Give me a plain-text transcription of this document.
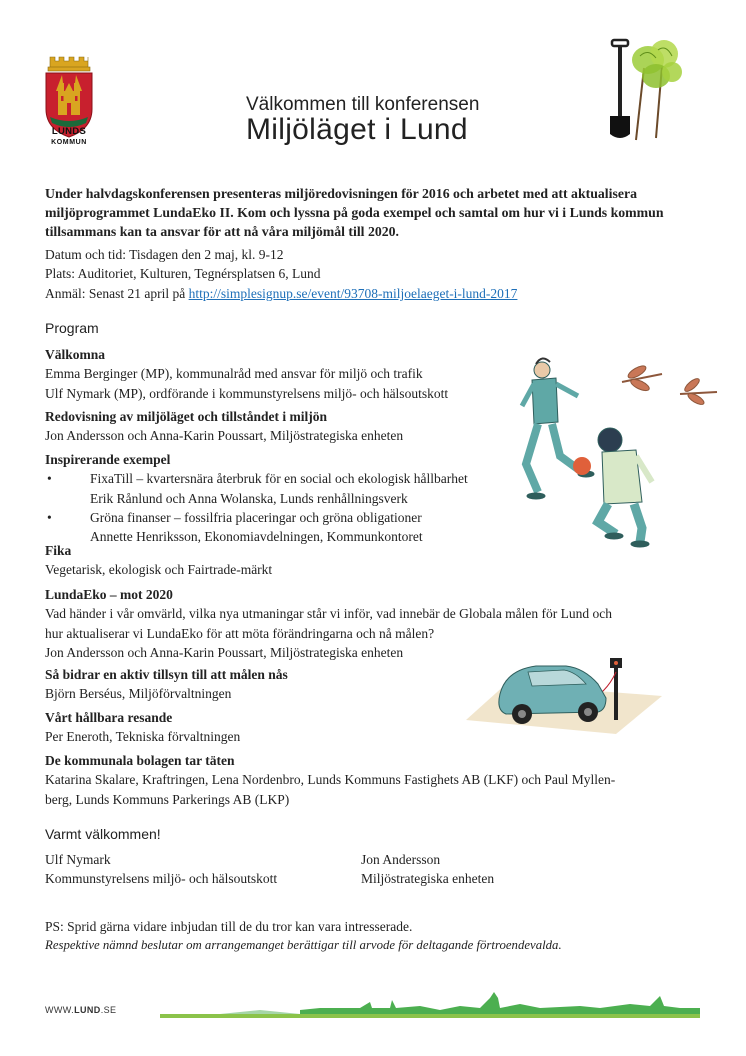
LUNDS
KOMMUN
Välkommen till konferensen
Miljöläget i Lund
Under halvdagskonferensen presenteras miljöredovisningen för 2016 och arbetet med att aktualisera miljöprogrammet LundaEko II. Kom och lyssna på goda exempel och samtal om hur vi i Lunds kommun tillsammans kan ta ansvar för att nå våra miljömål till 2020.
Datum och tid: Tisdagen den 2 maj, kl. 9-12
Plats: Auditoriet, Kulturen, Tegnérsplatsen 6, Lund
Anmäl: Senast 21 april på http://simplesignup.se/event/93708-miljoelaeget-i-lund-2017
Program
Välkomna
Emma Berginger (MP), kommunalråd med ansvar för miljö och trafik
Ulf Nymark (MP), ordförande i kommunstyrelsens miljö- och hälsoutskott
Redovisning av miljöläget och tillståndet i miljön
Jon Andersson och Anna-Karin Poussart, Miljöstrategiska enheten
Inspirerande exempel
•	FixaTill – kvartersnära återbruk för en social och ekologisk hållbarhet
Erik Rånlund och Anna Wolanska, Lunds renhållningsverk
•	Gröna finanser – fossilfria placeringar och gröna obligationer
Annette Henriksson, Ekonomiavdelningen, Kommunkontoret
Fika
Vegetarisk, ekologisk och Fairtrade-märkt
LundaEko – mot 2020
Vad händer i vår omvärld, vilka nya utmaningar står vi inför, vad innebär de Globala målen för Lund och
hur aktualiserar vi LundaEko för att möta förändringarna och nå målen?
Jon Andersson och Anna-Karin Poussart, Miljöstrategiska enheten
Så bidrar en aktiv tillsyn till att målen nås
Björn Berséus, Miljöförvaltningen
Vårt hållbara resande
Per Eneroth, Tekniska förvaltningen
De kommunala bolagen tar täten
Katarina Skalare, Kraftringen, Lena Nordenbro, Lunds Kommuns Fastighets AB (LKF) och Paul Myllen-
berg, Lunds Kommuns Parkerings AB (LKP)
Varmt välkommen!
Ulf Nymark
Kommunstyrelsens miljö- och hälsoutskott
Jon Andersson
Miljöstrategiska enheten
PS: Sprid gärna vidare inbjudan till de du tror kan vara intresserade.
Respektive nämnd beslutar om arrangemanget berättigar till arvode för deltagande förtroendevalda.
WWW.LUND.SE
